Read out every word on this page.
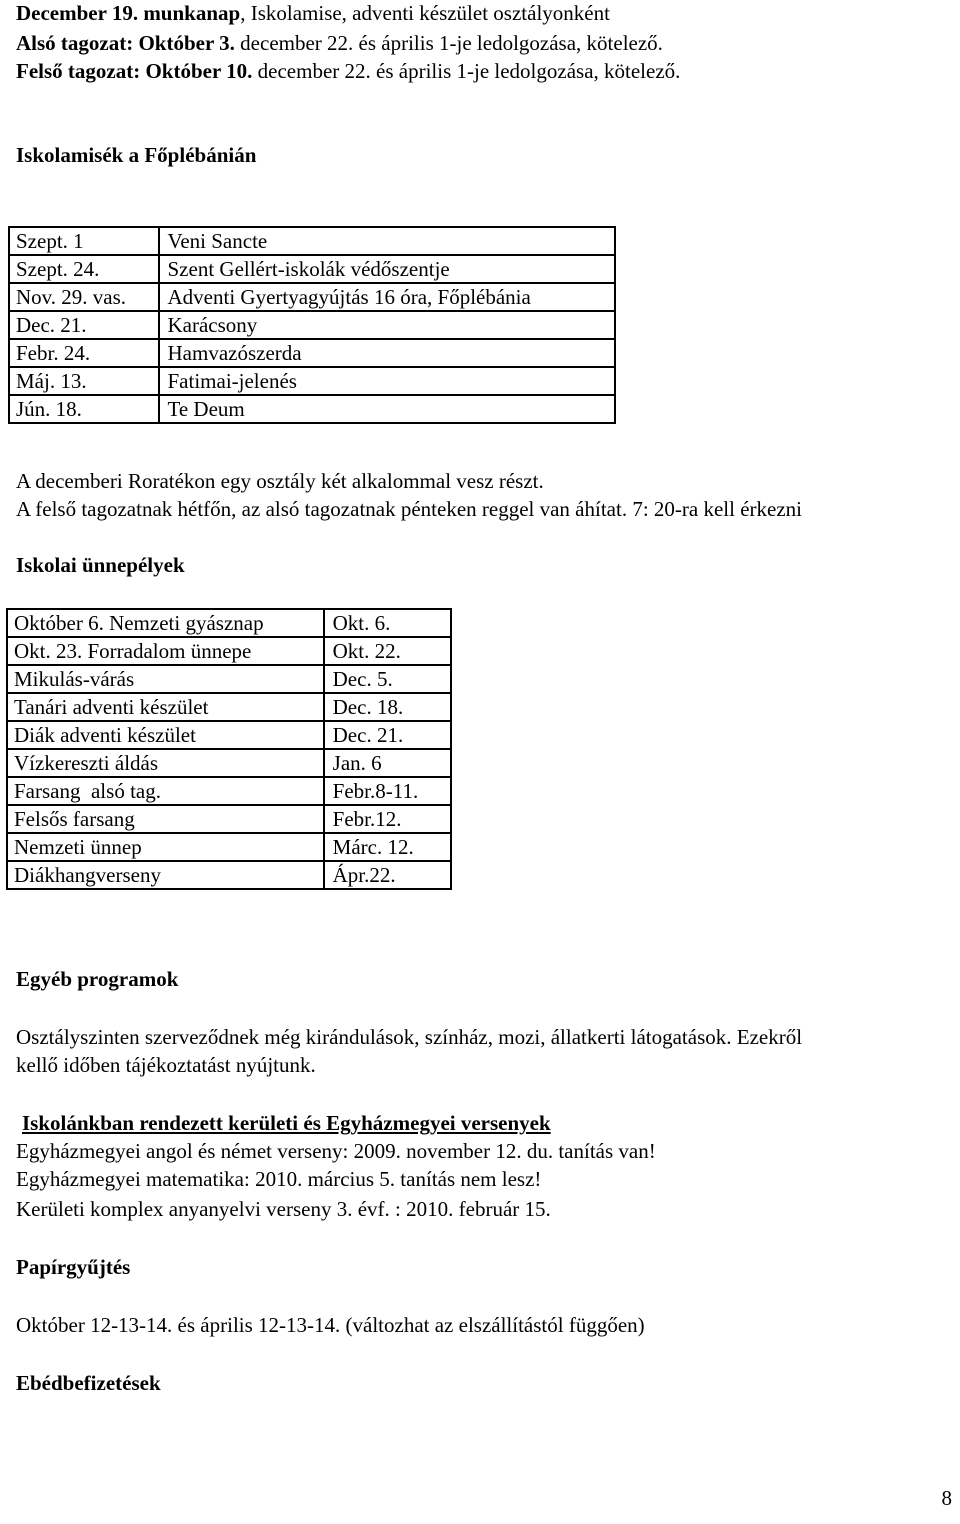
December 19. munkanap, Iskolamise, adventi készület osztályonként
Alsó tagozat: Október 3. december 22. és április 1-je ledolgozása, kötelező.
Felső tagozat: Október 10. december 22. és április 1-je ledolgozása, kötelező.
Iskolamisék a Főplébánián
Szept. 1	Veni Sancte
Szept. 24.	Szent Gellért-iskolák védőszentje
Nov. 29. vas.	Adventi Gyertyagyújtás 16 óra, Főplébánia
Dec. 21.	Karácsony
Febr. 24.	Hamvazószerda
Máj. 13.	Fatimai-jelenés
Jún. 18.	Te Deum
A decemberi Roratékon egy osztály két alkalommal vesz részt.
A felső tagozatnak hétfőn, az alsó tagozatnak pénteken reggel van áhítat. 7: 20-ra kell érkezni
Iskolai ünnepélyek
Október 6. Nemzeti gyásznap	Okt. 6.
Okt. 23. Forradalom ünnepe	Okt. 22.
Mikulás-várás	Dec. 5.
Tanári adventi készület	Dec. 18.
Diák adventi készület	Dec. 21.
Vízkereszti áldás	Jan. 6
Farsang  alsó tag.	Febr.8-11.
Felsős farsang	Febr.12.
Nemzeti ünnep	Márc. 12.
Diákhangverseny	Ápr.22.
Egyéb programok
Osztályszinten szerveződnek még kirándulások, színház, mozi, állatkerti látogatások. Ezekről
kellő időben tájékoztatást nyújtunk.
Iskolánkban rendezett kerületi és Egyházmegyei versenyek
Egyházmegyei angol és német verseny: 2009. november 12. du. tanítás van!
Egyházmegyei matematika: 2010. március 5. tanítás nem lesz!
Kerületi komplex anyanyelvi verseny 3. évf. : 2010. február 15.
Papírgyűjtés
Október 12-13-14. és április 12-13-14. (változhat az elszállítástól függően)
Ebédbefizetések
8
